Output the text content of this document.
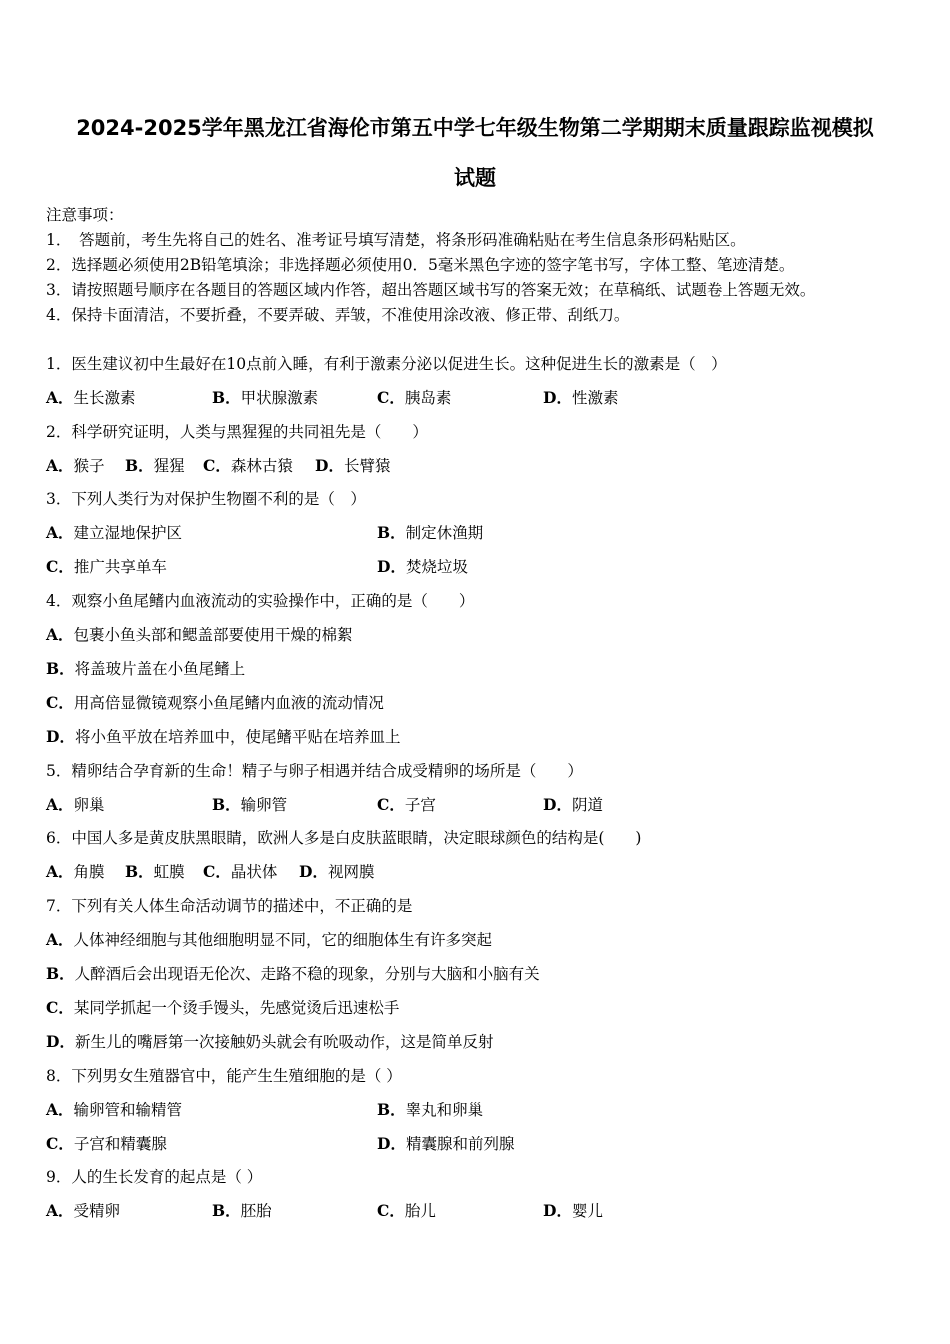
2024-2025学年黑龙江省海伦市第五中学七年级生物第二学期期末质量跟踪监视模拟
试题
注意事项：
1．　答题前，考生先将自己的姓名、准考证号填写清楚，将条形码准确粘贴在考生信息条形码粘贴区。
2．选择题必须使用2B铅笔填涂；非选择题必须使用0．5毫米黑色字迹的签字笔书写，字体工整、笔迹清楚。
3．请按照题号顺序在各题目的答题区域内作答，超出答题区域书写的答案无效；在草稿纸、试题卷上答题无效。
4．保持卡面清洁，不要折叠，不要弄破、弄皱，不准使用涂改液、修正带、刮纸刀。
1．医生建议初中生最好在10点前入睡，有利于激素分泌以促进生长。这种促进生长的激素是（　）
A．生长激素	B．甲状腺激素	C．胰岛素	D．性激素
2．科学研究证明，人类与黑猩猩的共同祖先是（　　）
A．猴子 B．猩猩 C．森林古猿 D．长臂猿
3．下列人类行为对保护生物圈不利的是（　）
A．建立湿地保护区	B．制定休渔期
C．推广共享单车	D．焚烧垃圾
4．观察小鱼尾鳍内血液流动的实验操作中，正确的是（　　）
A．包裹小鱼头部和鳃盖部要使用干燥的棉絮
B．将盖玻片盖在小鱼尾鳍上
C．用高倍显微镜观察小鱼尾鳍内血液的流动情况
D．将小鱼平放在培养皿中，使尾鳍平贴在培养皿上
5．精卵结合孕育新的生命！精子与卵子相遇并结合成受精卵的场所是（　　）
A．卵巢	B．输卵管	C．子宫	D．阴道
6．中国人多是黄皮肤黑眼睛，欧洲人多是白皮肤蓝眼睛，决定眼球颜色的结构是(　　)
A．角膜 B．虹膜 C．晶状体 D．视网膜
7．下列有关人体生命活动调节的描述中，不正确的是
A．人体神经细胞与其他细胞明显不同，它的细胞体生有许多突起
B．人醉酒后会出现语无伦次、走路不稳的现象，分别与大脑和小脑有关
C．某同学抓起一个烫手馒头，先感觉烫后迅速松手
D．新生儿的嘴唇第一次接触奶头就会有吮吸动作，这是简单反射
8．下列男女生殖器官中，能产生生殖细胞的是（ ）
A．输卵管和输精管	B．睾丸和卵巢
C．子宫和精囊腺	D．精囊腺和前列腺
9．人的生长发育的起点是（ ）
A．受精卵	B．胚胎	C．胎儿	D．婴儿
